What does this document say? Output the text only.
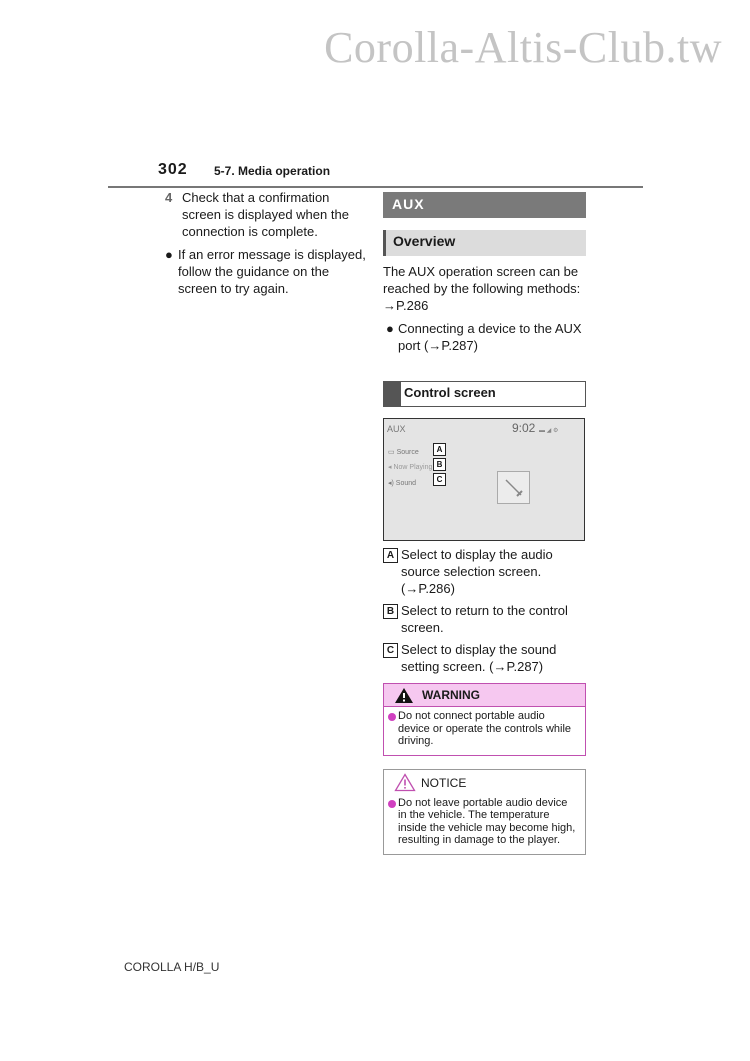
Corolla-Altis-Club.tw
302 5-7. Media operation
4 Check that a confirmation screen is displayed when the connection is complete.
● If an error message is displayed, follow the guidance on the screen to try again.
AUX
Overview
The AUX operation screen can be reached by the following methods: →P.286
● Connecting a device to the AUX port (→P.287)
Control screen
AUX	9:02 ▬ ◢ ⚙
▭ Source
◂ Now Playing
◂) Sound
A
B
C
A Select to display the audio source selection screen. (→P.286)
B Select to return to the control screen.
C Select to display the sound setting screen. (→P.287)
WARNING
Do not connect portable audio device or operate the controls while driving.
NOTICE
Do not leave portable audio device in the vehicle. The temperature inside the vehicle may become high, resulting in damage to the player.
COROLLA H/B_U
